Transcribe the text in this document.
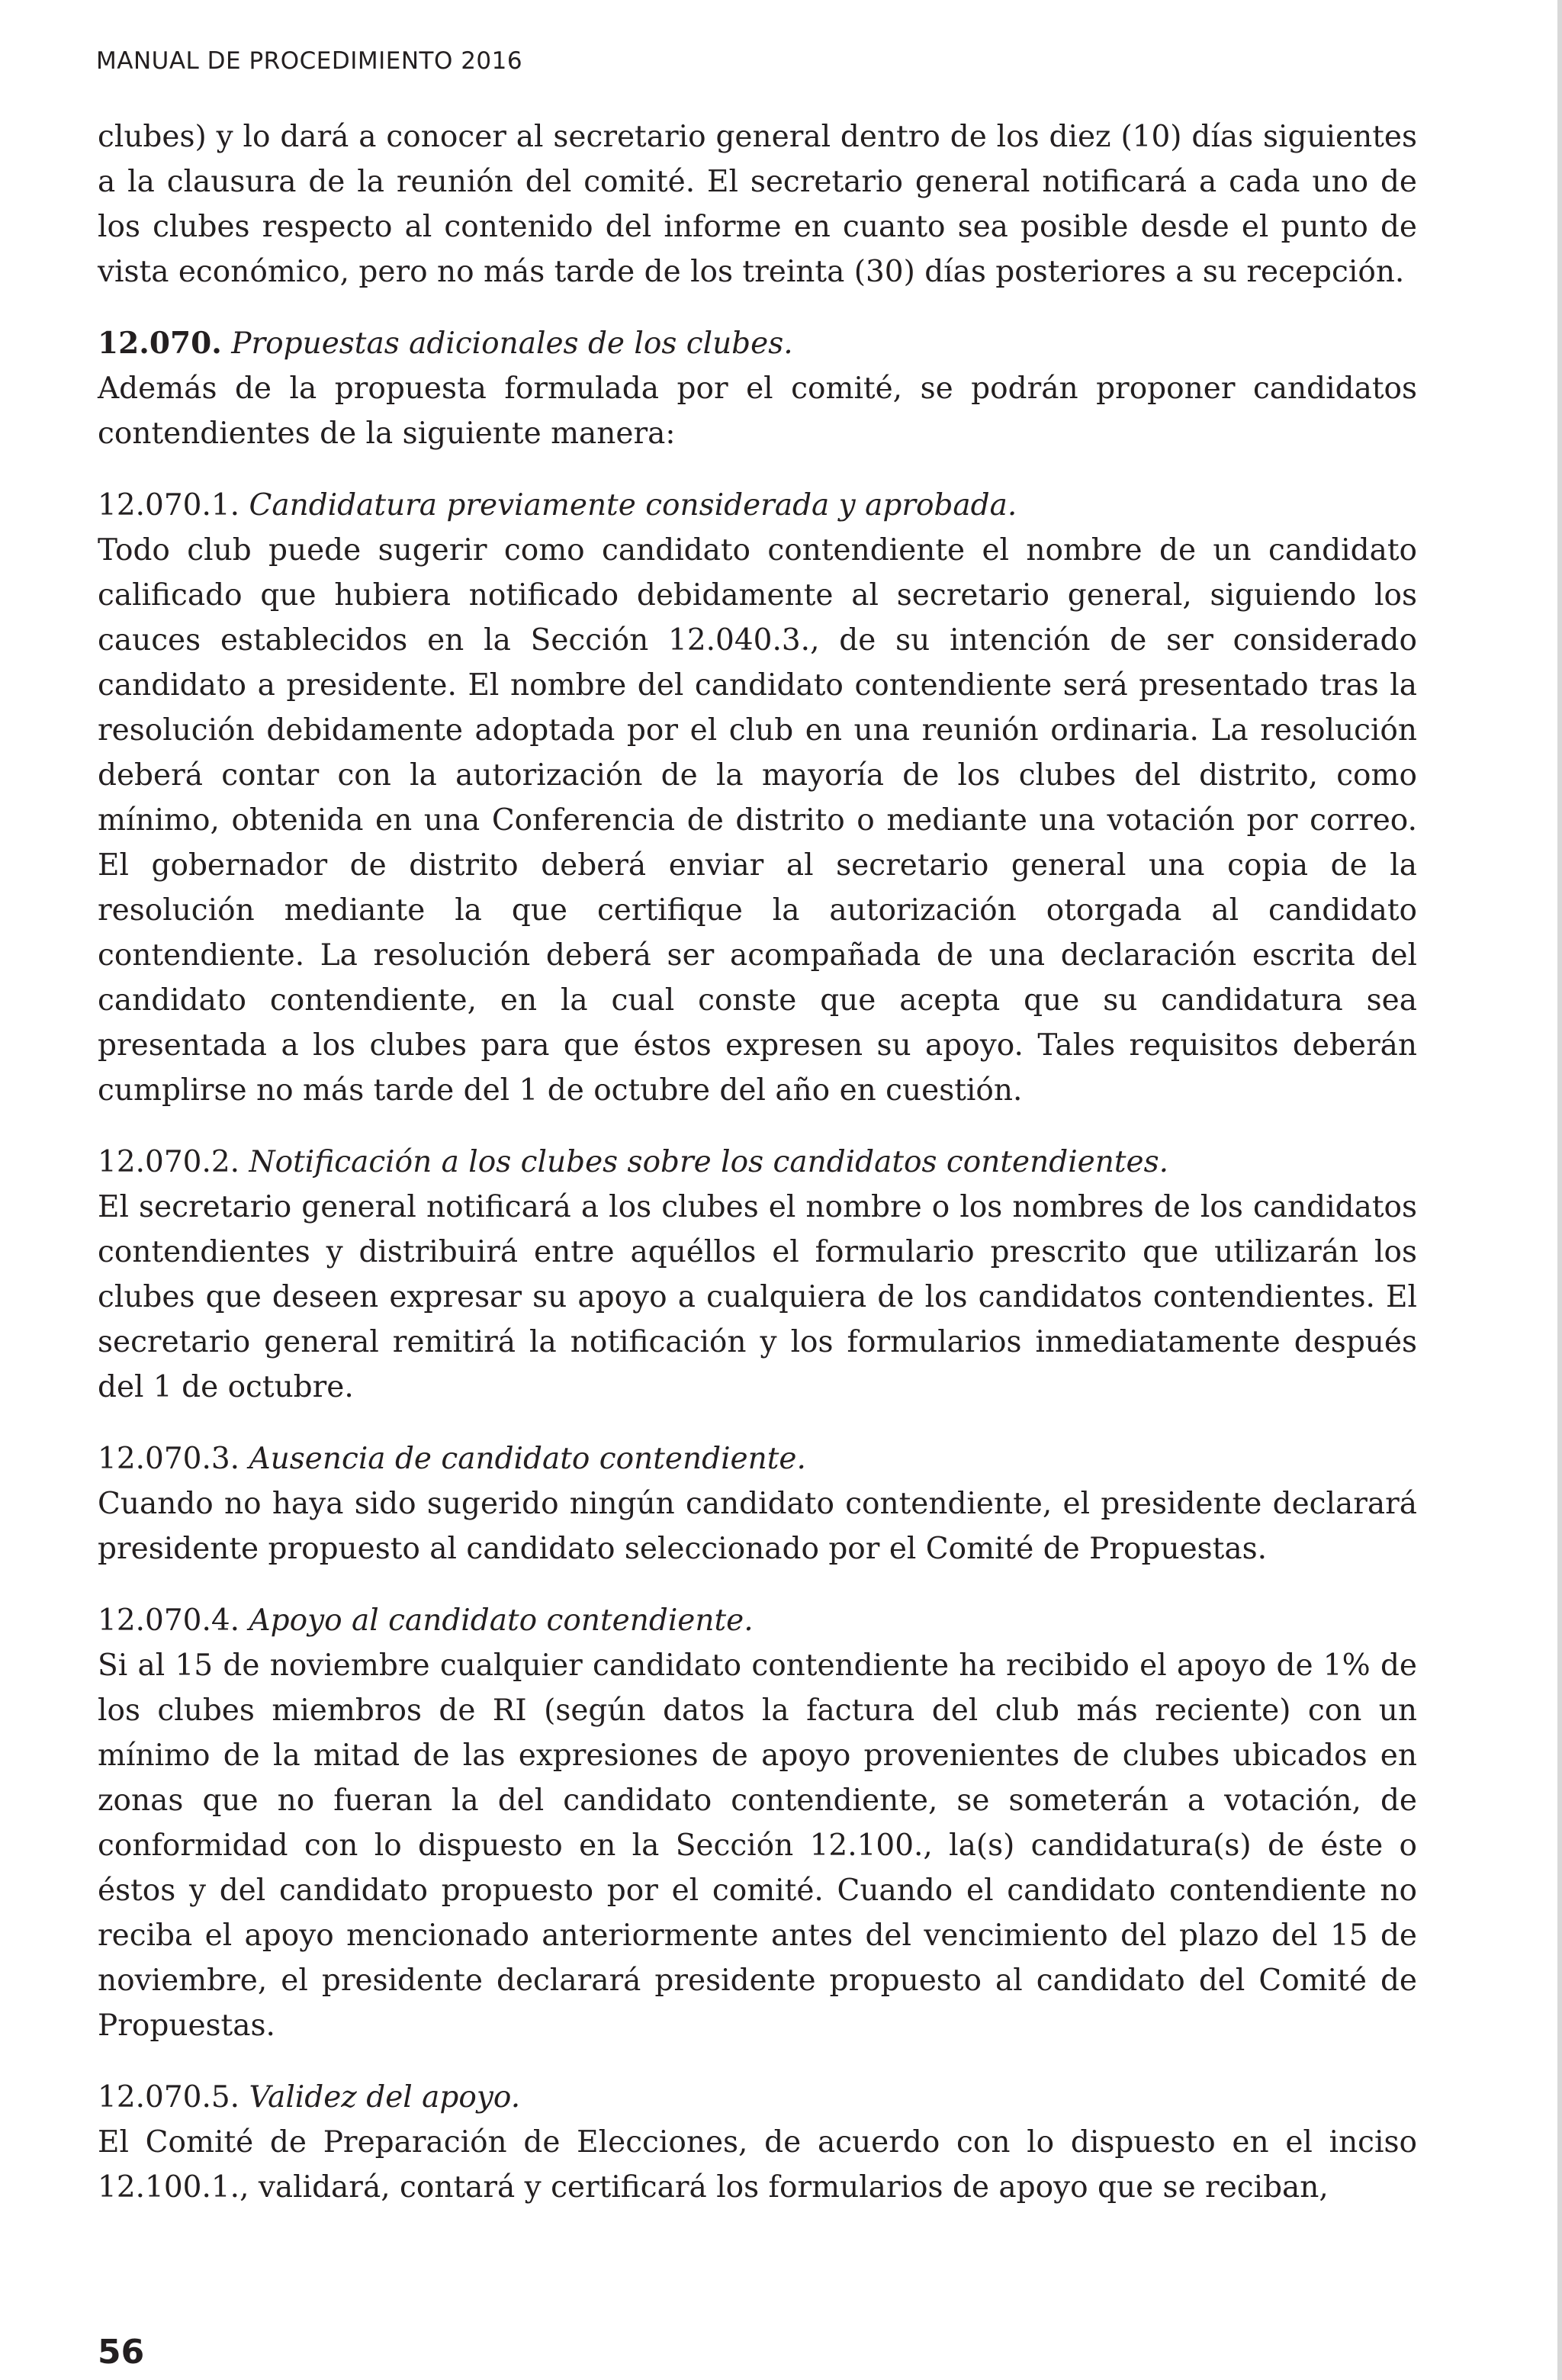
MANUAL DE PROCEDIMIENTO 2016

clubes) y lo dará a conocer al secretario general dentro de los diez (10) días siguientes a la clausura de la reunión del comité. El secretario general notificará a cada uno de los clubes respecto al contenido del informe en cuanto sea posible desde el punto de vista económico, pero no más tarde de los treinta (30) días posteriores a su recepción.

12.070. Propuestas adicionales de los clubes.

Además de la propuesta formulada por el comité, se podrán proponer candidatos contendientes de la siguiente manera:

12.070.1. Candidatura previamente considerada y aprobada.

Todo club puede sugerir como candidato contendiente el nombre de un candidato calificado que hubiera notificado debidamente al secretario general, siguiendo los cauces establecidos en la Sección 12.040.3., de su intención de ser considerado candidato a presidente. El nombre del candidato contendiente será presentado tras la resolución debidamente adoptada por el club en una reunión ordinaria. La resolución deberá contar con la autorización de la mayoría de los clubes del distrito, como mínimo, obtenida en una Conferencia de distrito o mediante una votación por correo. El gobernador de distrito deberá enviar al secretario general una copia de la resolución mediante la que certifique la autorización otorgada al candidato contendiente. La resolución deberá ser acompañada de una declaración escrita del candidato contendiente, en la cual conste que acepta que su candidatura sea presentada a los clubes para que éstos expresen su apoyo. Tales requisitos deberán cumplirse no más tarde del 1 de octubre del año en cuestión.

12.070.2. Notificación a los clubes sobre los candidatos contendientes.

El secretario general notificará a los clubes el nombre o los nombres de los candidatos contendientes y distribuirá entre aquéllos el formulario prescrito que utilizarán los clubes que deseen expresar su apoyo a cualquiera de los candidatos contendientes. El secretario general remitirá la notificación y los formularios inmediatamente después del 1 de octubre.

12.070.3. Ausencia de candidato contendiente.

Cuando no haya sido sugerido ningún candidato contendiente, el presidente declarará presidente propuesto al candidato seleccionado por el Comité de Propuestas.

12.070.4. Apoyo al candidato contendiente.

Si al 15 de noviembre cualquier candidato contendiente ha recibido el apoyo de 1% de los clubes miembros de RI (según datos la factura del club más reciente) con un mínimo de la mitad de las expresiones de apoyo provenientes de clubes ubicados en zonas que no fueran la del candidato contendiente, se someterán a votación, de conformidad con lo dispuesto en la Sección 12.100., la(s) candidatura(s) de éste o éstos y del candidato propuesto por el comité. Cuando el candidato contendiente no reciba el apoyo mencionado anteriormente antes del vencimiento del plazo del 15 de noviembre, el presidente declarará presidente propuesto al candidato del Comité de Propuestas.

12.070.5. Validez del apoyo.

El Comité de Preparación de Elecciones, de acuerdo con lo dispuesto en el inciso 12.100.1., validará, contará y certificará los formularios de apoyo que se reciban,

56
